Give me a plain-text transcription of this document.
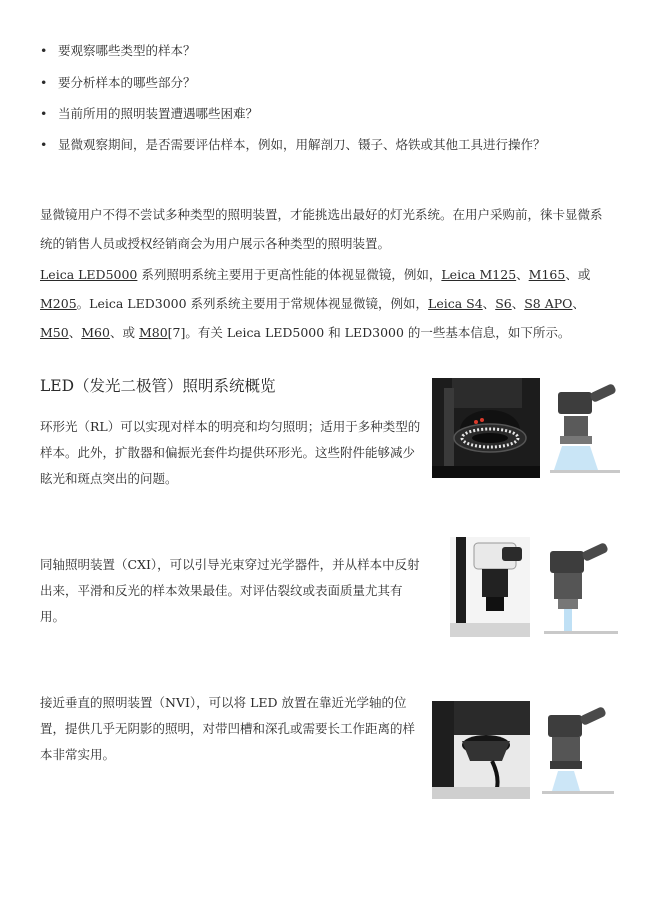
• 要观察哪些类型的样本？
• 要分析样本的哪些部分？
• 当前所用的照明装置遭遇哪些困难？
• 显微观察期间，是否需要评估样本，例如，用解剖刀、镊子、烙铁或其他工具进行操作？
显微镜用户不得不尝试多种类型的照明装置，才能挑选出最好的灯光系统。在用户采购前，徕卡显微系统的销售人员或授权经销商会为用户展示各种类型的照明装置。
Leica LED5000 系列照明系统主要用于更高性能的体视显微镜，例如，Leica M125、M165、或M205。Leica LED3000 系列系统主要用于常规体视显微镜，例如，Leica S4、S6、S8 APO、M50、M60、或 M80[7]。有关 Leica LED5000 和 LED3000 的一些基本信息，如下所示。
LED（发光二极管）照明系统概览
环形光（RL）可以实现对样本的明亮和均匀照明；适用于多种类型的样本。此外，扩散器和偏振光套件均提供环形光。这些附件能够减少眩光和斑点突出的问题。
同轴照明装置（CXI），可以引导光束穿过光学器件，并从样本中反射出来，平滑和反光的样本效果最佳。对评估裂纹或表面质量尤其有用。
接近垂直的照明装置（NVI），可以将 LED 放置在靠近光学轴的位置，提供几乎无阴影的照明，对带凹槽和深孔或需要长工作距离的样本非常实用。
